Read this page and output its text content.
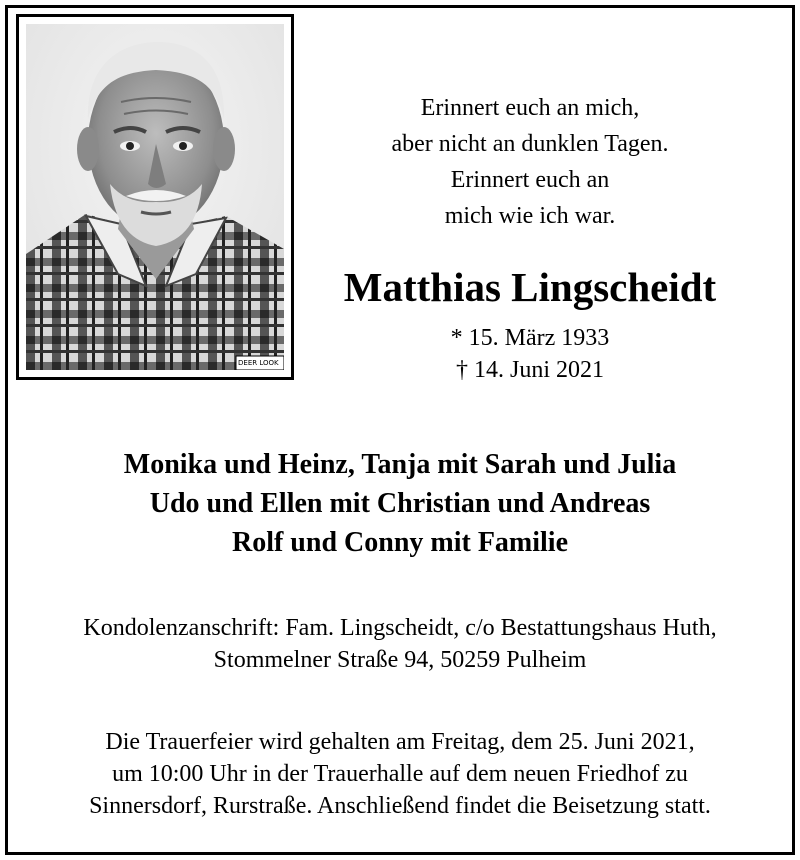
DEER LOOK
Erinnert euch an mich,
aber nicht an dunklen Tagen.
Erinnert euch an
mich wie ich war.
Matthias Lingscheidt
* 15. März 1933
† 14. Juni 2021
Monika und Heinz, Tanja mit Sarah und Julia
Udo und Ellen mit Christian und Andreas
Rolf und Conny mit Familie
Kondolenzanschrift: Fam. Lingscheidt, c/o Bestattungshaus Huth,
Stommelner Straße 94, 50259 Pulheim
Die Trauerfeier wird gehalten am Freitag, dem 25. Juni 2021,
um 10:00 Uhr in der Trauerhalle auf dem neuen Friedhof zu
Sinnersdorf, Rurstraße. Anschließend findet die Beisetzung statt.
